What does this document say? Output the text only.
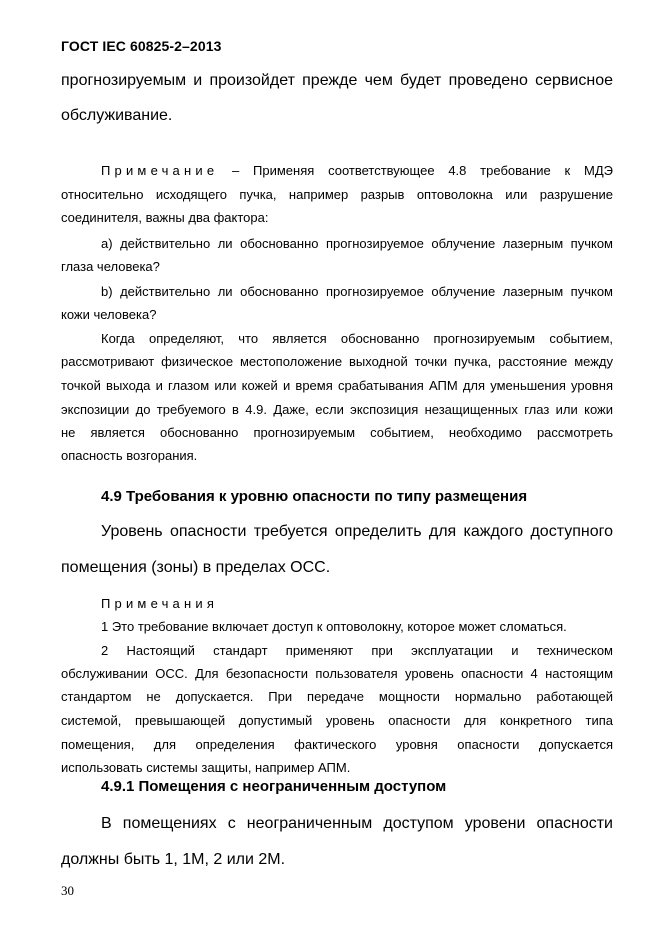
ГОСТ IEC 60825-2–2013
прогнозируемым и произойдет прежде чем будет проведено сервисное
обслуживание.
Примечание – Применяя соответствующее 4.8 требование к МДЭ
относительно исходящего пучка, например разрыв оптоволокна или разрушение
соединителя, важны два фактора:
а) действительно ли обоснованно прогнозируемое облучение лазерным пучком
глаза человека?
b) действительно ли обоснованно прогнозируемое облучение лазерным пучком
кожи человека?
Когда определяют, что является обоснованно прогнозируемым событием,
рассмотривают физическое местоположение выходной точки пучка, расстояние между
точкой выхода и глазом или кожей и время срабатывания АПМ для уменьшения уровня
экспозиции до требуемого в 4.9. Даже, если экспозиция незащищенных глаз или кожи
не является обоснованно прогнозируемым событием, необходимо рассмотреть
опасность возгорания.
4.9 Требования к уровню опасности по типу размещения
Уровень опасности требуется определить для каждого доступного
помещения (зоны) в пределах ОСС.
Примечания
1 Это требование включает доступ к оптоволокну, которое может сломаться.
2 Настоящий стандарт применяют при эксплуатации и техническом
обслуживании ОСС. Для безопасности пользователя уровень опасности 4 настоящим
стандартом не допускается. При передаче мощности нормально работающей
системой, превышающей допустимый уровень опасности для конкретного типа
помещения, для определения фактического уровня опасности допускается
использовать системы защиты, например АПМ.
4.9.1 Помещения с неограниченным доступом
В помещениях с неограниченным доступом уровени опасности
должны быть 1, 1М, 2 или 2М.
30
